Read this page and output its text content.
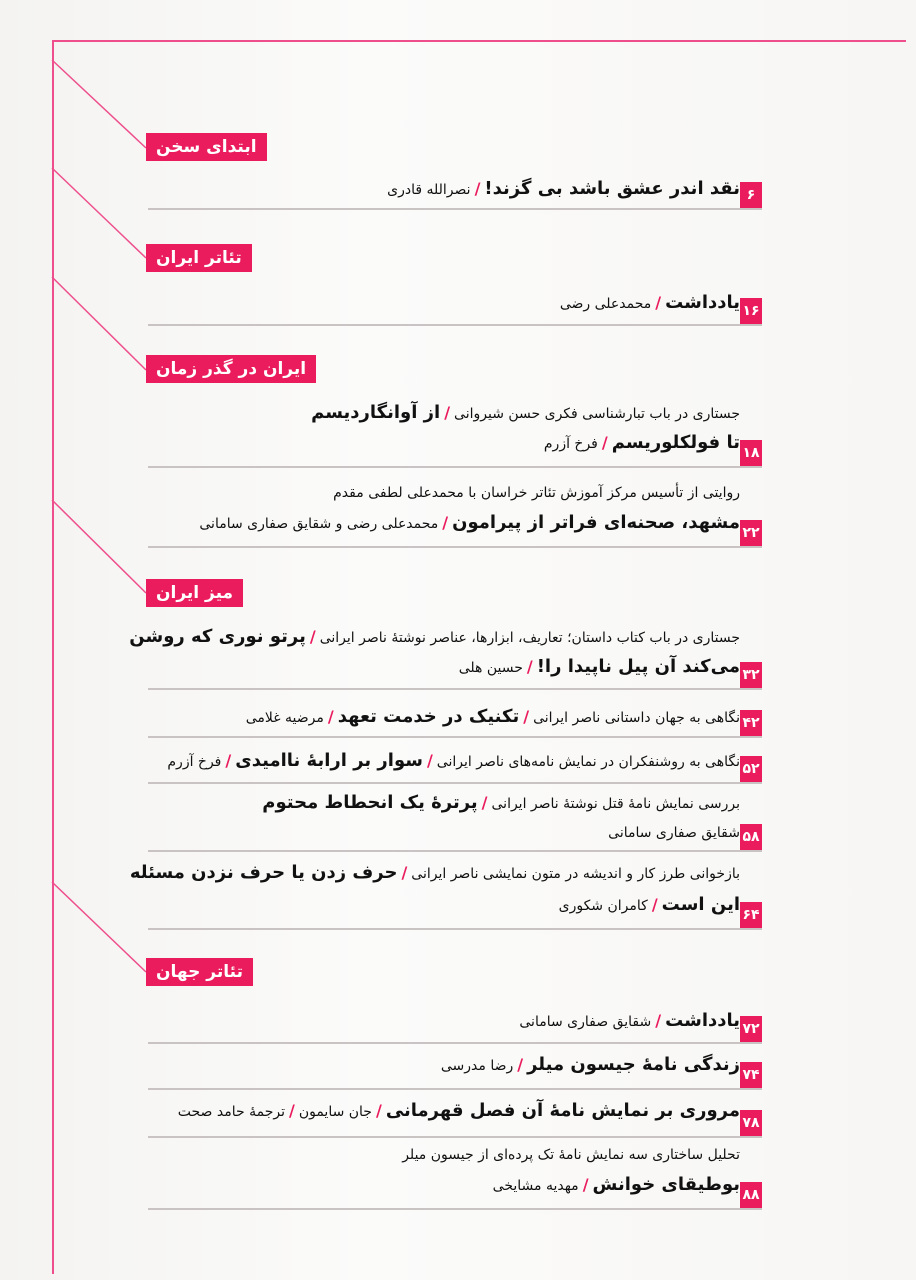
ابتدای سخن
نقد اندر عشق باشد بی گزند!/نصرالله قادری	۶
تئاتر ایران
یادداشت/محمدعلی رضی	۱۶
ایران در گذر زمان
جستاری در باب تبارشناسی فکری حسن شیروانی/از آوانگاردیسم
تا فولکلوریسم/فرخ آزرم
۱۸
روایتی از تأسیس مرکز آموزش تئاتر خراسان با محمدعلی لطفی مقدم
مشهد، صحنه‌ای فراتر از پیرامون/محمدعلی رضی و شقایق صفاری سامانی
۲۲
میز ایران
جستاری در باب کتاب داستان؛ تعاریف، ابزارها، عناصر نوشتهٔ ناصر ایرانی/پرتو نوری که روشن
می‌کند آن پیل ناپیدا را!/حسین هلی	۳۲
نگاهی به جهان داستانی ناصر ایرانی/تکنیک در خدمت تعهد/مرضیه غلامی	۴۲
نگاهی به روشنفکران در نمایش نامه‌های ناصر ایرانی/سوار بر ارابهٔ ناامیدی/فرخ آزرم	۵۲
بررسی نمایش نامهٔ قتل نوشتهٔ ناصر ایرانی/پرترهٔ یک انحطاط محتوم
شقایق صفاری سامانی ۵۸
بازخوانی طرز کار و اندیشه در متون نمایشی ناصر ایرانی/حرف زدن یا حرف نزدن مسئله
این است/کامران شکوری
۶۴
تئاتر جهان
یادداشت/شقایق صفاری سامانی	۷۲
زندگی نامهٔ جیسون میلر/رضا مدرسی
۷۴
مروری بر نمایش نامهٔ آن فصل قهرمانی/جان سایمون/ترجمهٔ حامد صحت
۷۸
تحلیل ساختاری سه نمایش نامهٔ تک پرده‌ای از جیسون میلر
بوطیقای خوانش/مهدیه مشایخی
۸۸
